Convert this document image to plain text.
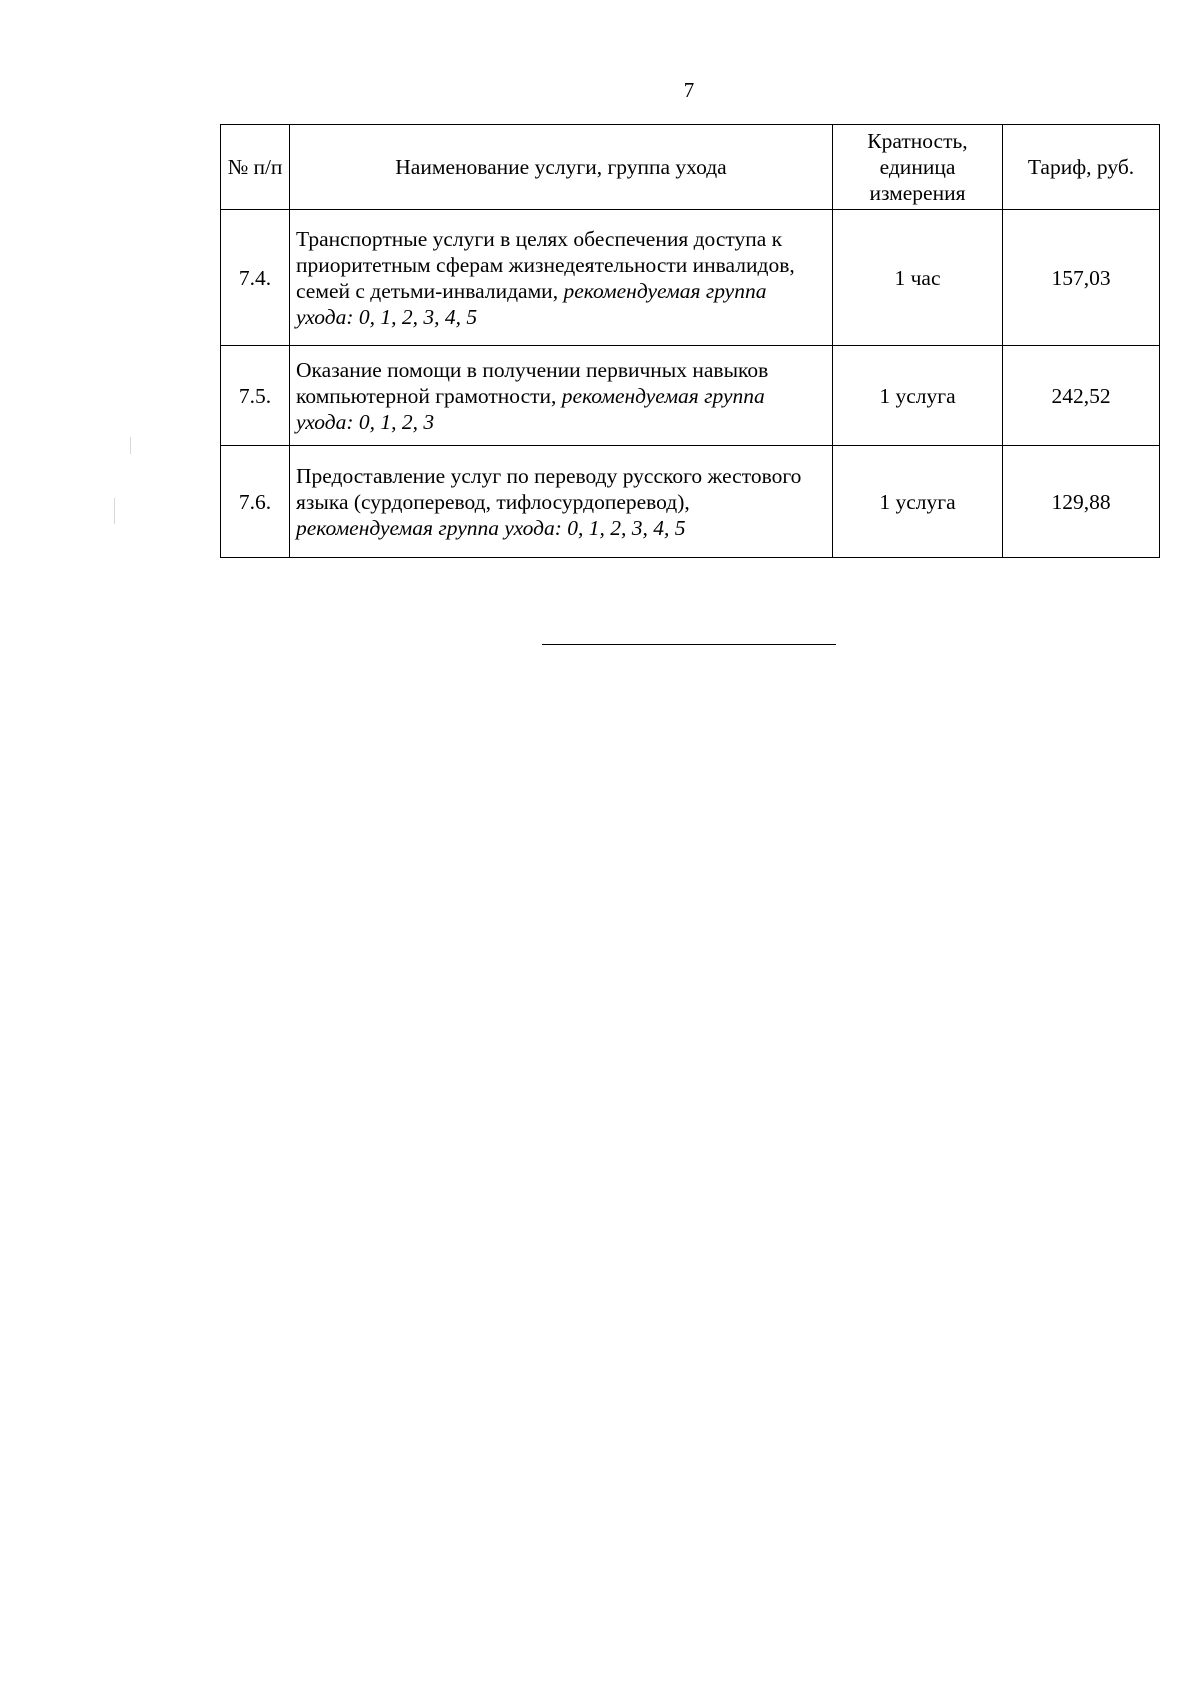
7
№ п/п	Наименование услуги, группа ухода	Кратность, единица измерения	Тариф, руб.
7.4.	Транспортные услуги в целях обеспечения доступа к приоритетным сферам жизнедеятельности инвалидов, семей с детьми-инвалидами, рекомендуемая группа ухода: 0, 1, 2, 3, 4, 5	1 час	157,03
7.5.	Оказание помощи в получении первичных навыков компьютерной грамотности, рекомендуемая группа ухода: 0, 1, 2, 3	1 услуга	242,52
7.6.	Предоставление услуг по переводу русского жестового языка (сурдоперевод, тифлосурдоперевод), рекомендуемая группа ухода: 0, 1, 2, 3, 4, 5	1 услуга	129,88
